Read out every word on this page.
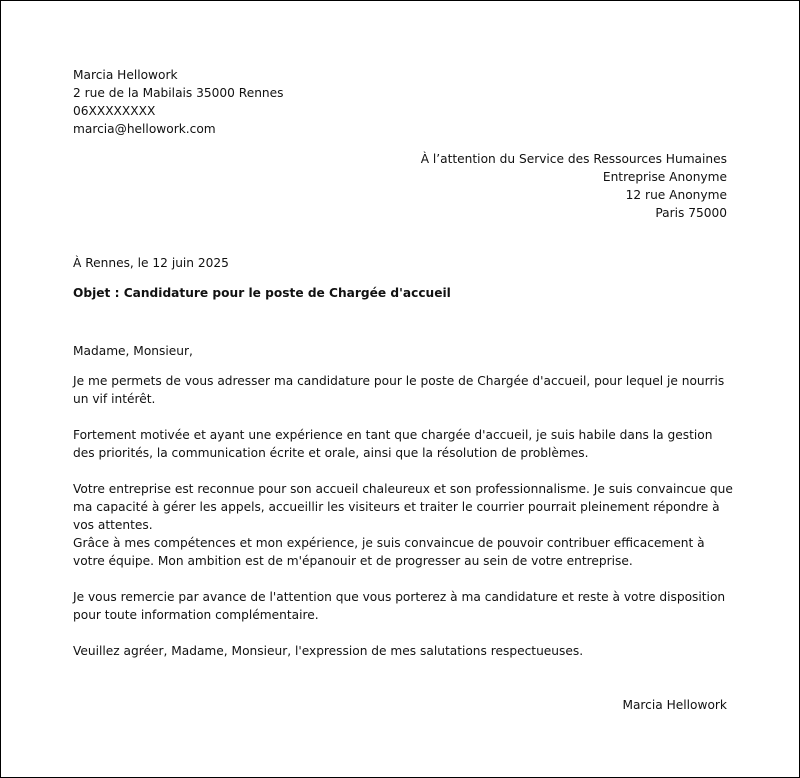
Marcia Hellowork
2 rue de la Mabilais 35000 Rennes
06XXXXXXXX
marcia@hellowork.com
À l’attention du Service des Ressources Humaines
Entreprise Anonyme
12 rue Anonyme
Paris 75000
À Rennes, le 12 juin 2025
Objet : Candidature pour le poste de Chargée d'accueil
Madame, Monsieur,
Je me permets de vous adresser ma candidature pour le poste de Chargée d'accueil, pour lequel je nourris un vif intérêt.
Fortement motivée et ayant une expérience en tant que chargée d'accueil, je suis habile dans la gestion des priorités, la communication écrite et orale, ainsi que la résolution de problèmes.
Votre entreprise est reconnue pour son accueil chaleureux et son professionnalisme. Je suis convaincue que ma capacité à gérer les appels, accueillir les visiteurs et traiter le courrier pourrait pleinement répondre à vos attentes.
Grâce à mes compétences et mon expérience, je suis convaincue de pouvoir contribuer efficacement à votre équipe. Mon ambition est de m'épanouir et de progresser au sein de votre entreprise.
Je vous remercie par avance de l'attention que vous porterez à ma candidature et reste à votre disposition pour toute information complémentaire.
Veuillez agréer, Madame, Monsieur, l'expression de mes salutations respectueuses.
Marcia Hellowork
